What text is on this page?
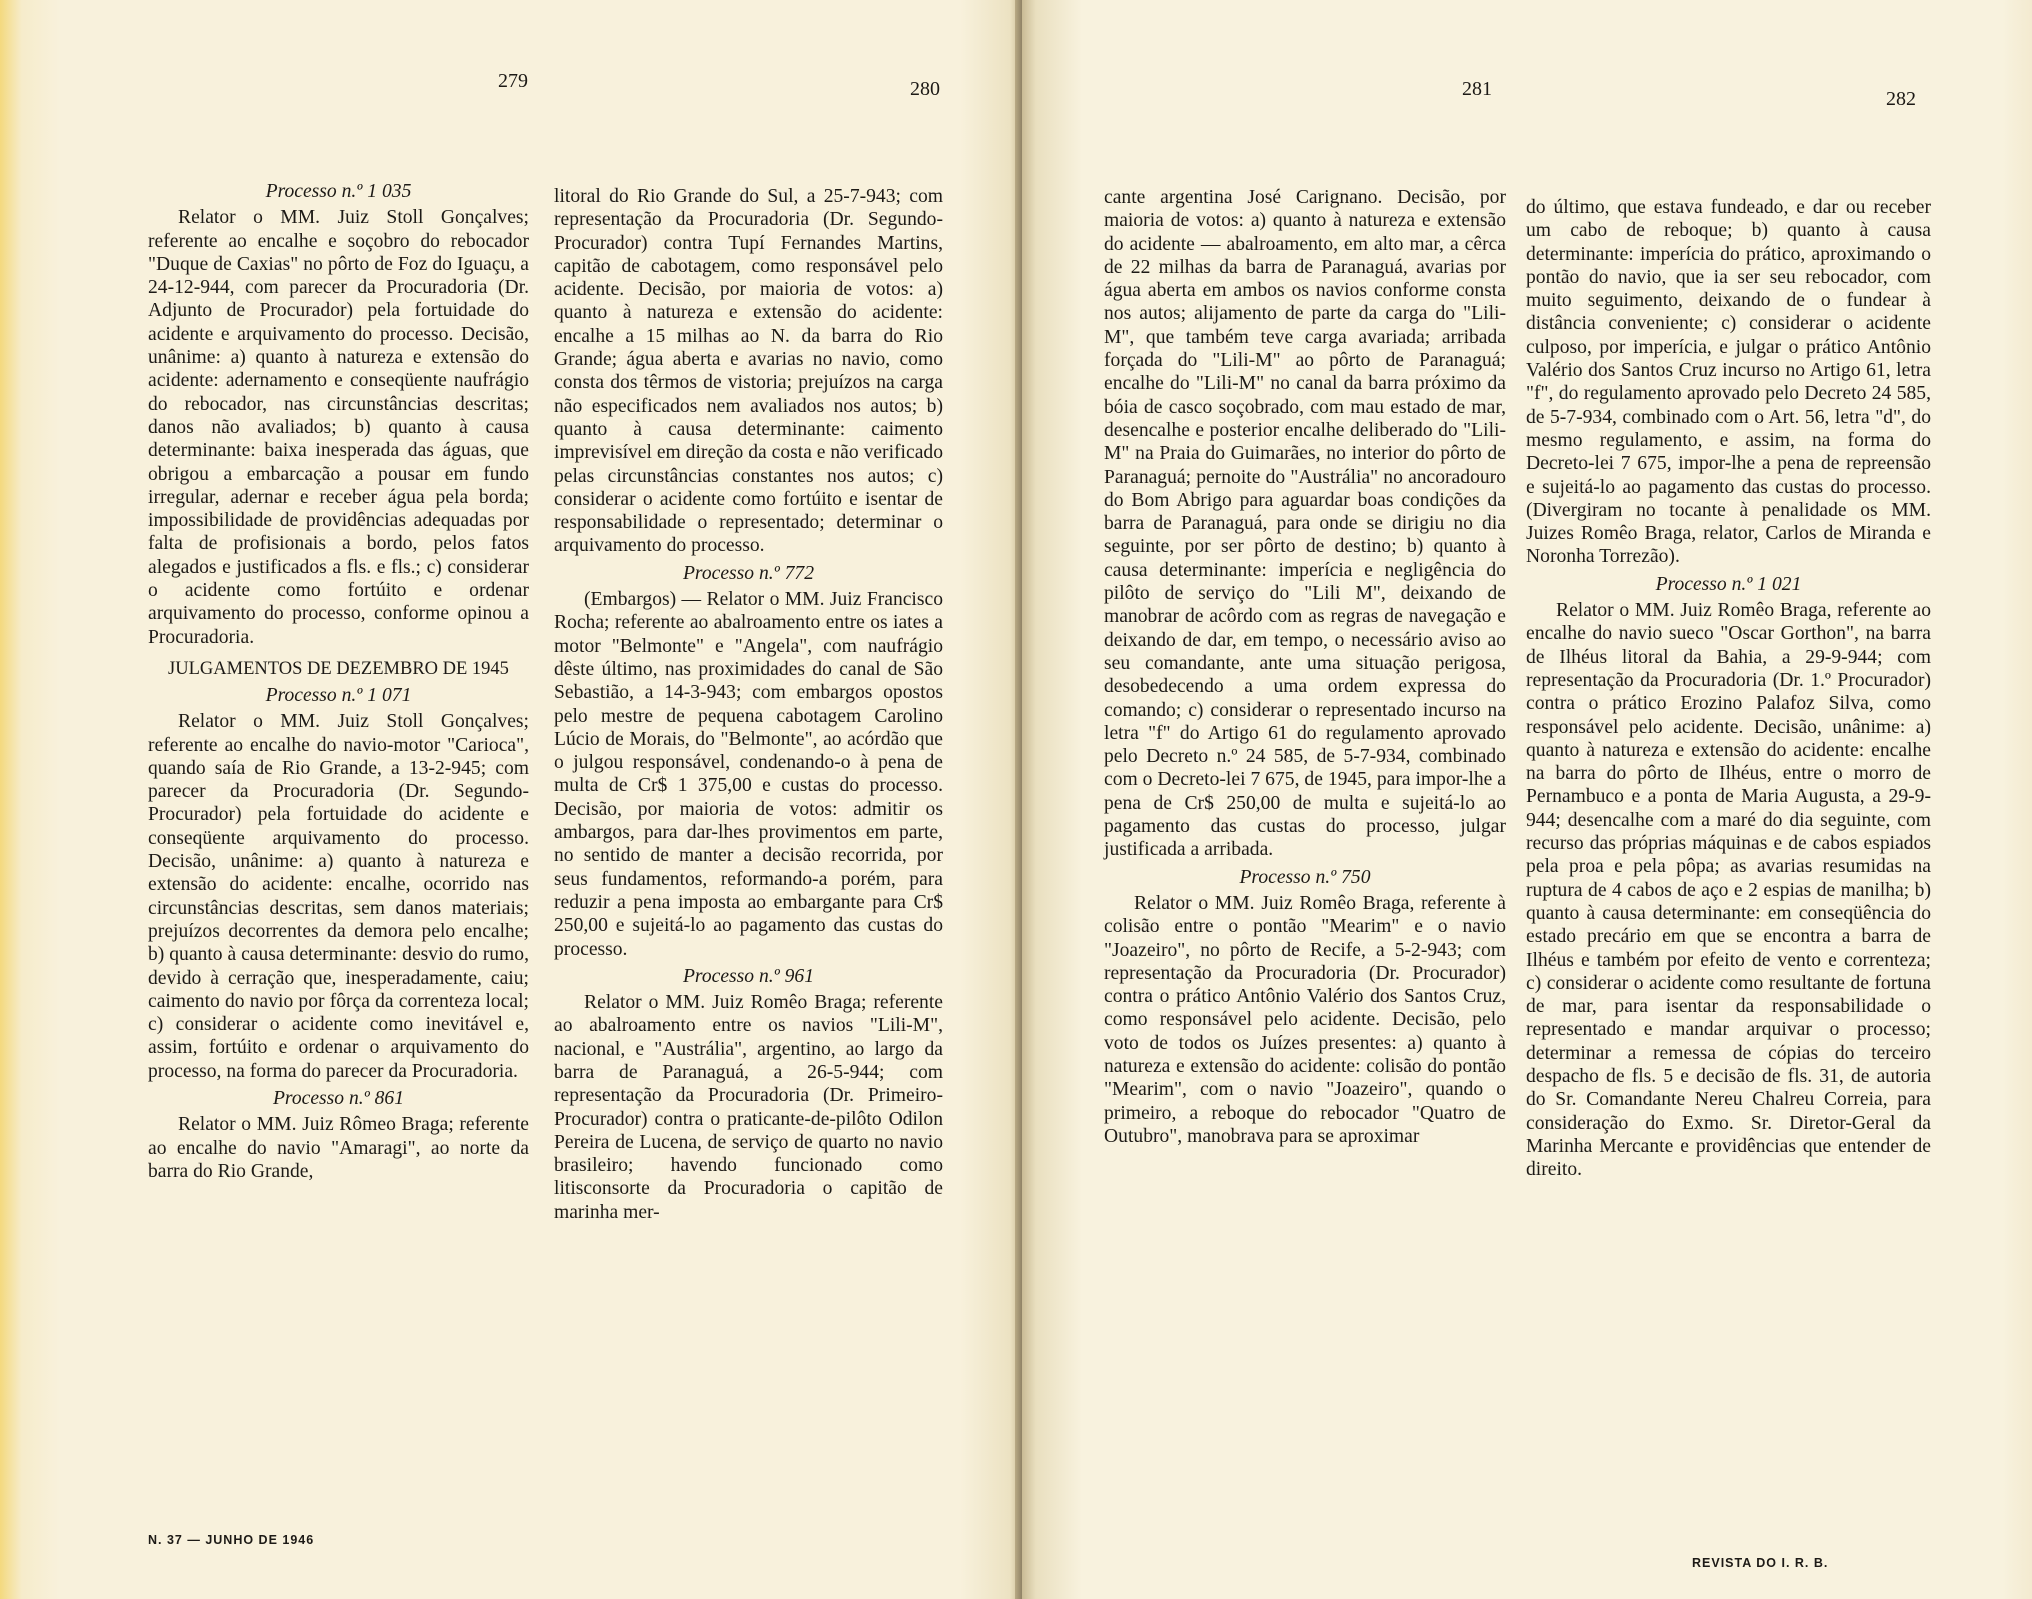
279	280

Processo n.º 1 035

Relator o MM. Juiz Stoll Gonçalves; referente ao encalhe e soçobro do rebocador "Duque de Caxias" no pôrto de Foz do Iguaçu, a 24-12-944, com parecer da Procuradoria (Dr. Adjunto de Procurador) pela fortuidade do acidente e arquivamento do processo. Decisão, unânime: a) quanto à natureza e extensão do acidente: adernamento e conseqüente naufrágio do rebocador, nas circunstâncias descritas; danos não avaliados; b) quanto à causa determinante: baixa inesperada das águas, que obrigou a embarcação a pousar em fundo irregular, adernar e receber água pela borda; impossibilidade de providências adequadas por falta de profisionais a bordo, pelos fatos alegados e justificados a fls. e fls.; c) considerar o acidente como fortúito e ordenar arquivamento do processo, conforme opinou a Procuradoria.

JULGAMENTOS DE DEZEMBRO DE 1945

Processo n.º 1 071

Relator o MM. Juiz Stoll Gonçalves; referente ao encalhe do navio-motor "Carioca", quando saía de Rio Grande, a 13-2-945; com parecer da Procuradoria (Dr. Segundo-Procurador) pela fortuidade do acidente e conseqüente arquivamento do processo. Decisão, unânime: a) quanto à natureza e extensão do acidente: encalhe, ocorrido nas circunstâncias descritas, sem danos materiais; prejuízos decorrentes da demora pelo encalhe; b) quanto à causa determinante: desvio do rumo, devido à cerração que, inesperadamente, caiu; caimento do navio por fôrça da correnteza local; c) considerar o acidente como inevitável e, assim, fortúito e ordenar o arquivamento do processo, na forma do parecer da Procuradoria.

Processo n.º 861

Relator o MM. Juiz Rômeo Braga; referente ao encalhe do navio "Amaragi", ao norte da barra do Rio Grande,

litoral do Rio Grande do Sul, a 25-7-943; com representação da Procuradoria (Dr. Segundo-Procurador) contra Tupí Fernandes Martins, capitão de cabotagem, como responsável pelo acidente. Decisão, por maioria de votos: a) quanto à natureza e extensão do acidente: encalhe a 15 milhas ao N. da barra do Rio Grande; água aberta e avarias no navio, como consta dos têrmos de vistoria; prejuízos na carga não especificados nem avaliados nos autos; b) quanto à causa determinante: caimento imprevisível em direção da costa e não verificado pelas circunstâncias constantes nos autos; c) considerar o acidente como fortúito e isentar de responsabilidade o representado; determinar o arquivamento do processo.

Processo n.º 772

(Embargos) — Relator o MM. Juiz Francisco Rocha; referente ao abalroamento entre os iates a motor "Belmonte" e "Angela", com naufrágio dêste último, nas proximidades do canal de São Sebastião, a 14-3-943; com embargos opostos pelo mestre de pequena cabotagem Carolino Lúcio de Morais, do "Belmonte", ao acórdão que o julgou responsável, condenando-o à pena de multa de Cr$ 1 375,00 e custas do processo. Decisão, por maioria de votos: admitir os ambargos, para dar-lhes provimentos em parte, no sentido de manter a decisão recorrida, por seus fundamentos, reformando-a porém, para reduzir a pena imposta ao embargante para Cr$ 250,00 e sujeitá-lo ao pagamento das custas do processo.

Processo n.º 961

Relator o MM. Juiz Romêo Braga; referente ao abalroamento entre os navios "Lili-M", nacional, e "Austrália", argentino, ao largo da barra de Paranaguá, a 26-5-944; com representação da Procuradoria (Dr. Primeiro-Procurador) contra o praticante-de-pilôto Odilon Pereira de Lucena, de serviço de quarto no navio brasileiro; havendo funcionado como litisconsorte da Procuradoria o capitão de marinha mer-

N. 37 — JUNHO DE 1946
281	282

cante argentina José Carignano. Decisão, por maioria de votos: a) quanto à natureza e extensão do acidente — abalroamento, em alto mar, a cêrca de 22 milhas da barra de Paranaguá, avarias por água aberta em ambos os navios conforme consta nos autos; alijamento de parte da carga do "Lili-M", que também teve carga avariada; arribada forçada do "Lili-M" ao pôrto de Paranaguá; encalhe do "Lili-M" no canal da barra próximo da bóia de casco soçobrado, com mau estado de mar, desencalhe e posterior encalhe deliberado do "Lili-M" na Praia do Guimarães, no interior do pôrto de Paranaguá; pernoite do "Austrália" no ancoradouro do Bom Abrigo para aguardar boas condições da barra de Paranaguá, para onde se dirigiu no dia seguinte, por ser pôrto de destino; b) quanto à causa determinante: imperícia e negligência do pilôto de serviço do "Lili M", deixando de manobrar de acôrdo com as regras de navegação e deixando de dar, em tempo, o necessário aviso ao seu comandante, ante uma situação perigosa, desobedecendo a uma ordem expressa do comando; c) considerar o representado incurso na letra "f" do Artigo 61 do regulamento aprovado pelo Decreto n.º 24 585, de 5-7-934, combinado com o Decreto-lei 7 675, de 1945, para impor-lhe a pena de Cr$ 250,00 de multa e sujeitá-lo ao pagamento das custas do processo, julgar justificada a arribada.

Processo n.º 750

Relator o MM. Juiz Romêo Braga, referente à colisão entre o pontão "Mearim" e o navio "Joazeiro", no pôrto de Recife, a 5-2-943; com representação da Procuradoria (Dr. Procurador) contra o prático Antônio Valério dos Santos Cruz, como responsável pelo acidente. Decisão, pelo voto de todos os Juízes presentes: a) quanto à natureza e extensão do acidente: colisão do pontão "Mearim", com o navio "Joazeiro", quando o primeiro, a reboque do rebocador "Quatro de Outubro", manobrava para se aproximar

do último, que estava fundeado, e dar ou receber um cabo de reboque; b) quanto à causa determinante: imperícia do prático, aproximando o pontão do navio, que ia ser seu rebocador, com muito seguimento, deixando de o fundear à distância conveniente; c) considerar o acidente culposo, por imperícia, e julgar o prático Antônio Valério dos Santos Cruz incurso no Artigo 61, letra "f", do regulamento aprovado pelo Decreto 24 585, de 5-7-934, combinado com o Art. 56, letra "d", do mesmo regulamento, e assim, na forma do Decreto-lei 7 675, impor-lhe a pena de repreensão e sujeitá-lo ao pagamento das custas do processo. (Divergiram no tocante à penalidade os MM. Juizes Romêo Braga, relator, Carlos de Miranda e Noronha Torrezão).

Processo n.º 1 021

Relator o MM. Juiz Romêo Braga, referente ao encalhe do navio sueco "Oscar Gorthon", na barra de Ilhéus litoral da Bahia, a 29-9-944; com representação da Procuradoria (Dr. 1.º Procurador) contra o prático Erozino Palafoz Silva, como responsável pelo acidente. Decisão, unânime: a) quanto à natureza e extensão do acidente: encalhe na barra do pôrto de Ilhéus, entre o morro de Pernambuco e a ponta de Maria Augusta, a 29-9-944; desencalhe com a maré do dia seguinte, com recurso das próprias máquinas e de cabos espiados pela proa e pela pôpa; as avarias resumidas na ruptura de 4 cabos de aço e 2 espias de manilha; b) quanto à causa determinante: em conseqüência do estado precário em que se encontra a barra de Ilhéus e também por efeito de vento e correnteza; c) considerar o acidente como resultante de fortuna de mar, para isentar da responsabilidade o representado e mandar arquivar o processo; determinar a remessa de cópias do terceiro despacho de fls. 5 e decisão de fls. 31, de autoria do Sr. Comandante Nereu Chalreu Correia, para consideração do Exmo. Sr. Diretor-Geral da Marinha Mercante e providências que entender de direito.

REVISTA DO I. R. B.
